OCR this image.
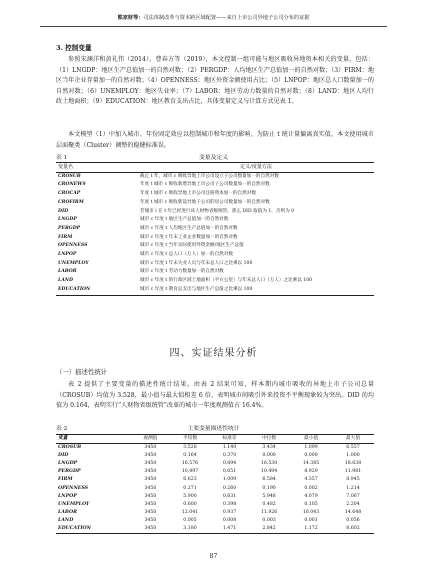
熊家财等：司法体制改革与资本跨区域配置——来自上市公司异地子公司分布的证据
3. 控制变量
参照宋渊洋和黄礼伟（2014）、曹春方等（2019），本文控制一组可能与地区吸收异地资本相关的变量，包括：（1）LNGDP：地区生产总值加一的自然对数；（2）PERGDP：人均地区生产总值加一的自然对数；（3）FIRM：地区当年企业存量加一的自然对数；（4）OPENNESS：地区外资金额使用占比；（5）LNPOP：地区总人口数量加一的自然对数；（6）UNEMPLOY：地区失业率；（7）LABOR：地区劳动力数量的自然对数；（8）LAND：地区人均行政土地面积；（9）EDUCATION：地区教育支出占比，具体变量定义与计算方式见表 1。
本文模型（1）中加入城市、年份固定效应以控制城市和年度的影响。为防止 t 统计量偏离真实值，本文使用城市层面聚类（Cluster）调整的稳健标准误。
表 1	变量及定义
变量名	定义/度量方法
CROSUB	截止 t 年，城市 c 吸收异地上市公司设立子公司数量加一的自然对数
CRONEWS	年度 t 城市 c 吸收新增异地上市公司子公司数量加一的自然对数
CROCAP	年度 t 城市 c 吸收异地上市公司注册资本加一的自然对数
CROFIRM	年度 t 城市 c 吸收新设异地子公司的母公司数量加一的自然对数
DID	若城市 i 在 t 年已经进行该人财物省级统管，那么 DID 取值为 1，否则为 0
LNGDP	城市 c 年度 t 地区生产总值加一的自然对数
PERGDP	城市 c 年度 t 人均地区生产总值加一的自然对数
FIRM	城市 c 年度 t 年末工业企业数量加一的自然对数
OPENNESS	城市 c 年度 t 当年实际使用外资金额/地区生产总值
LNPOP	城市 c 年度 t 总人口（万人）加一的自然对数
UNEMPLOY	城市 c 年度 t 年末失业人员与年末总人口之比乘以 100
LABOR	城市 c 年度 t 劳动力数量加一的自然对数
LAND	城市 c 年度 t 的行政区域土地面积（平方公里）与年末总人口（万人）之比乘以 100
EDUCATION	城市 c 年度 t 教育总支出与地区生产总值之比乘以 100
四、实证结果分析
（一）描述性统计
表 2 提供了主要变量的描述性统计结果。由表 2 结果可知，样本期内城市吸收的异地上市子公司总量（CROSUB）均值为 3.528，最小值与最大值相差 6 倍，表明城市间吸引外来投资不平衡现象较为突出。DID 的均值为 0.164，表明实行“人财物省级统管”改革的城市一年度观测值占 16.4%。
表 2	主要变量描述性统计
变量	观测值	平均数	标准差	中位数	最小值	最大值
CROSUB	3450	3.528	1.140	3.434	1.099	6.557
DID	3450	0.164	0.370	0.000	0.000	1.000
LNGDP	3450	16.576	0.894	16.530	14.385	18.638
PERGDP	3450	10.497	0.651	10.494	8.929	11.981
FIRM	3450	6.623	1.009	6.584	4.357	8.945
OPENNESS	3450	0.271	0.260	0.190	0.002	1.214
LNPOP	3450	5.900	0.631	5.948	4.079	7.067
UNEMPLOY	3450	0.600	0.398	0.482	0.105	2.204
LABOR	3450	12.041	0.937	11.926	10.043	14.648
LAND	3450	0.005	0.008	0.003	0.001	0.056
EDUCATION	3450	3.180	1.471	2.842	1.172	8.602
87
